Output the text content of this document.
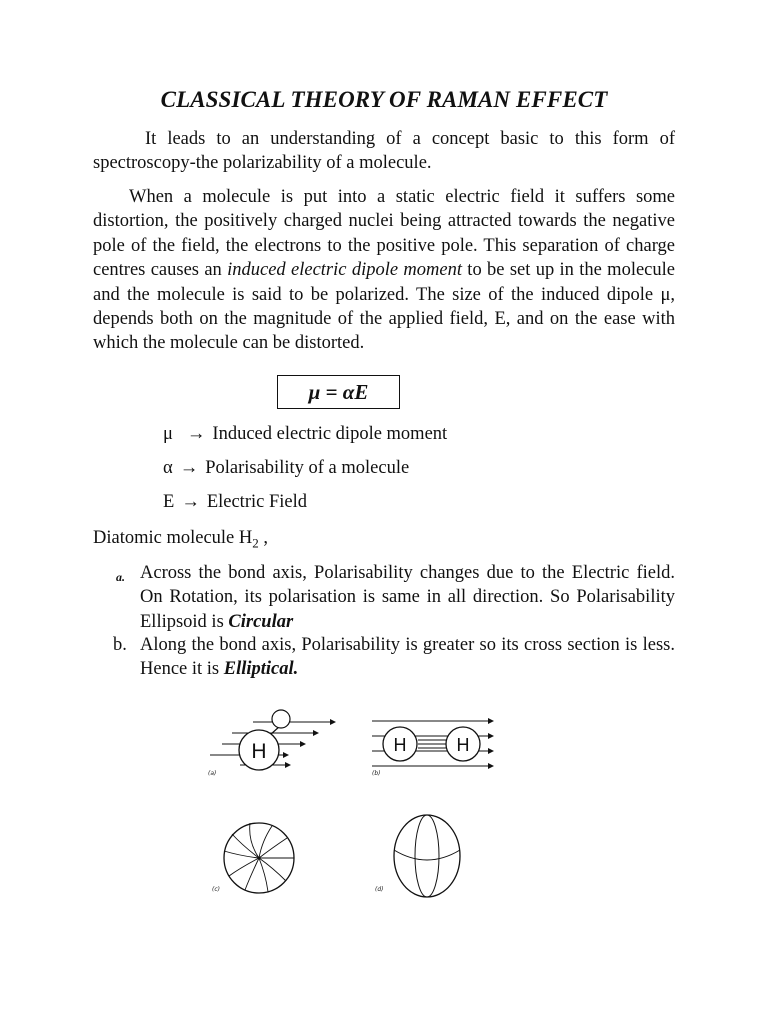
CLASSICAL THEORY OF RAMAN EFFECT
It leads to an understanding of a concept basic to this form of spectroscopy-the polarizability of a molecule.
When a molecule is put into a static electric field it suffers some distortion, the positively charged nuclei being attracted towards the negative pole of the field, the electrons to the positive pole. This separation of charge centres causes an induced electric dipole moment to be set up in the molecule and the molecule is said to be polarized. The size of the induced dipole μ, depends both on the magnitude of the applied field, E, and on the ease with which the molecule can be distorted.
μ = αE
μ → Induced electric dipole moment
α → Polarisability of a molecule
E → Electric Field
Diatomic molecule $H_2$ ,
a. Across the bond axis, Polarisability changes due to the Electric field. On Rotation, its polarisation is same in all direction. So Polarisability Ellipsoid is Circular
b. Along the bond axis, Polarisability is greater so its cross section is less. Hence it is Elliptical.
H
(a)
H	H
(b)
(c)	(d)
